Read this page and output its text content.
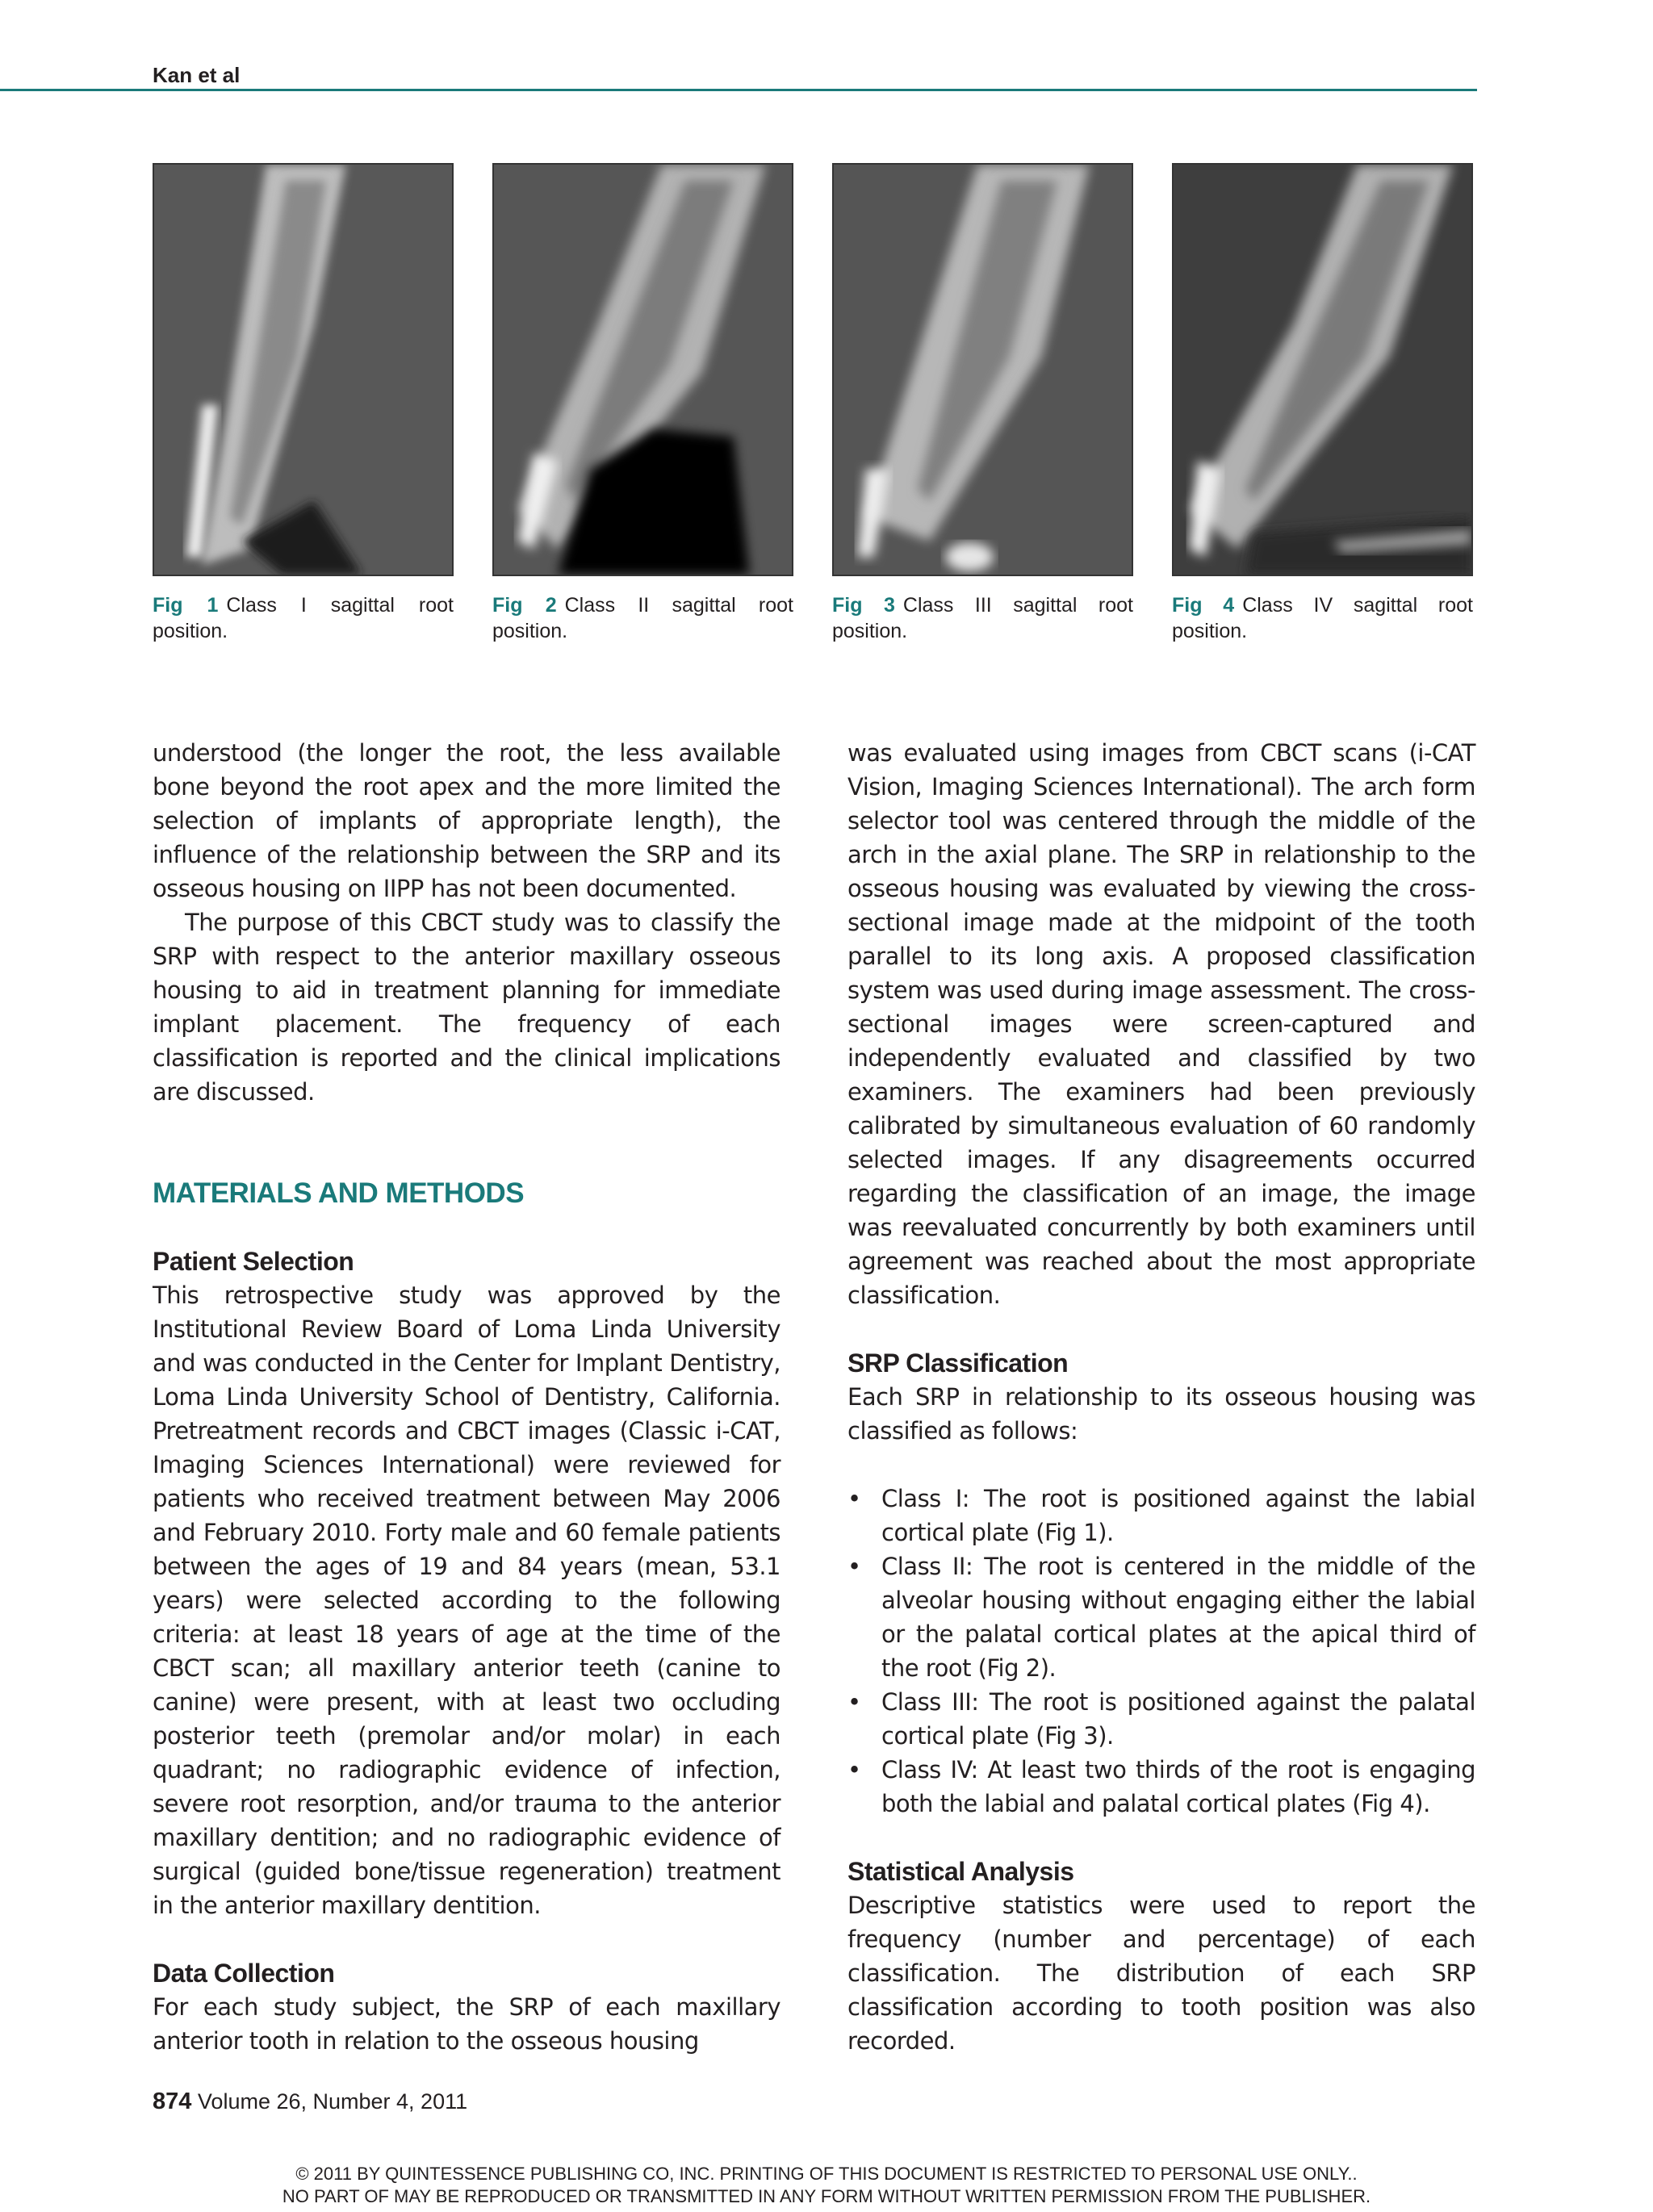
Kan et al
Fig 1 Class I sagittal root position.
Fig 2 Class II sagittal root position.
Fig 3 Class III sagittal root position.
Fig 4 Class IV sagittal root position.

understood (the longer the root, the less available bone beyond the root apex and the more limited the selection of implants of appropriate length), the influence of the relationship between the SRP and its osseous housing on IIPP has not been documented.

The purpose of this CBCT study was to classify the SRP with respect to the anterior maxillary osseous housing to aid in treatment planning for immediate implant placement. The frequency of each classification is reported and the clinical implications are discussed.

MATERIALS AND METHODS
Patient Selection

This retrospective study was approved by the Institutional Review Board of Loma Linda University and was conducted in the Center for Implant Dentistry, Loma Linda University School of Dentistry, California. Pretreatment records and CBCT images (Classic i-CAT, Imaging Sciences International) were reviewed for patients who received treatment between May 2006 and February 2010. Forty male and 60 female patients between the ages of 19 and 84 years (mean, 53.1 years) were selected according to the following criteria: at least 18 years of age at the time of the CBCT scan; all maxillary anterior teeth (canine to canine) were present, with at least two occluding posterior teeth (premolar and/or molar) in each quadrant; no radiographic evidence of infection, severe root resorption, and/or trauma to the anterior maxillary dentition; and no radiographic evidence of surgical (guided bone/tissue regeneration) treatment in the anterior maxillary dentition.

Data Collection

For each study subject, the SRP of each maxillary anterior tooth in relation to the osseous housing

was evaluated using images from CBCT scans (i-CAT Vision, Imaging Sciences International). The arch form selector tool was centered through the middle of the arch in the axial plane. The SRP in relationship to the osseous housing was evaluated by viewing the cross-sectional image made at the midpoint of the tooth parallel to its long axis. A proposed classification system was used during image assessment. The cross-sectional images were screen-captured and independently evaluated and classified by two examiners. The examiners had been previously calibrated by simultaneous evaluation of 60 randomly selected images. If any disagreements occurred regarding the classification of an image, the image was reevaluated concurrently by both examiners until agreement was reached about the most appropriate classification.

SRP Classification

Each SRP in relationship to its osseous housing was classified as follows:

• Class I: The root is positioned against the labial cortical plate (Fig 1).
• Class II: The root is centered in the middle of the alveolar housing without engaging either the labial or the palatal cortical plates at the apical third of the root (Fig 2).
• Class III: The root is positioned against the palatal cortical plate (Fig 3).
• Class IV: At least two thirds of the root is engaging both the labial and palatal cortical plates (Fig 4).
Statistical Analysis

Descriptive statistics were used to report the frequency (number and percentage) of each classification. The distribution of each SRP classification according to tooth position was also recorded.

874 Volume 26, Number 4, 2011
© 2011 BY QUINTESSENCE PUBLISHING CO, INC. PRINTING OF THIS DOCUMENT IS RESTRICTED TO PERSONAL USE ONLY..
NO PART OF MAY BE REPRODUCED OR TRANSMITTED IN ANY FORM WITHOUT WRITTEN PERMISSION FROM THE PUBLISHER.
